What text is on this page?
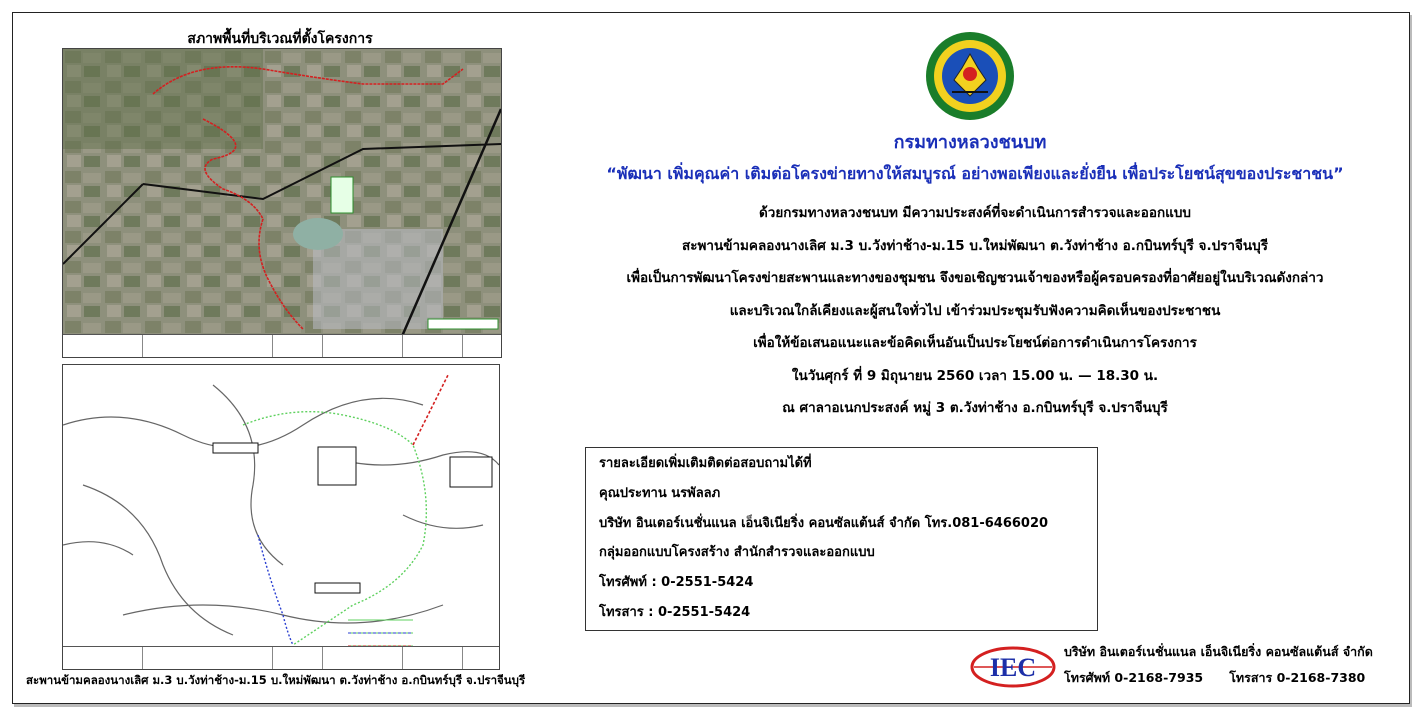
สภาพพื้นที่บริเวณที่ตั้งโครงการ
สะพานข้ามคลองนางเลิศ ม.3 บ.วังท่าช้าง-ม.15 บ.ใหม่พัฒนา ต.วังท่าช้าง อ.กบินทร์บุรี จ.ปราจีนบุรี
กรมทางหลวงชนบท
“พัฒนา เพิ่มคุณค่า เติมต่อโครงข่ายทางให้สมบูรณ์ อย่างพอเพียงและยั่งยืน เพื่อประโยชน์สุขของประชาชน”
ด้วยกรมทางหลวงชนบท มีความประสงค์ที่จะดำเนินการสำรวจและออกแบบ
สะพานข้ามคลองนางเลิศ ม.3 บ.วังท่าช้าง-ม.15 บ.ใหม่พัฒนา ต.วังท่าช้าง อ.กบินทร์บุรี จ.ปราจีนบุรี
เพื่อเป็นการพัฒนาโครงข่ายสะพานและทางของชุมชน จึงขอเชิญชวนเจ้าของหรือผู้ครอบครองที่อาศัยอยู่ในบริเวณดังกล่าว
และบริเวณใกล้เคียงและผู้สนใจทั่วไป เข้าร่วมประชุมรับฟังความคิดเห็นของประชาชน
เพื่อให้ข้อเสนอแนะและข้อคิดเห็นอันเป็นประโยชน์ต่อการดำเนินการโครงการ
ในวันศุกร์ ที่ 9 มิถุนายน 2560 เวลา 15.00 น. — 18.30 น.
ณ ศาลาอเนกประสงค์ หมู่ 3 ต.วังท่าช้าง อ.กบินทร์บุรี จ.ปราจีนบุรี
รายละเอียดเพิ่มเติมติดต่อสอบถามได้ที่
คุณประทาน นรพัลลภ
บริษัท อินเตอร์เนชั่นแนล เอ็นจิเนียริ่ง คอนซัลแต้นส์ จำกัด โทร.081-6466020
กลุ่มออกแบบโครงสร้าง สำนักสำรวจและออกแบบ
โทรศัพท์ : 0-2551-5424
โทรสาร : 0-2551-5424
IEC
บริษัท อินเตอร์เนชั่นแนล เอ็นจิเนียริ่ง คอนซัลแต้นส์ จำกัด
โทรศัพท์ 0-2168-7935      โทรสาร 0-2168-7380
